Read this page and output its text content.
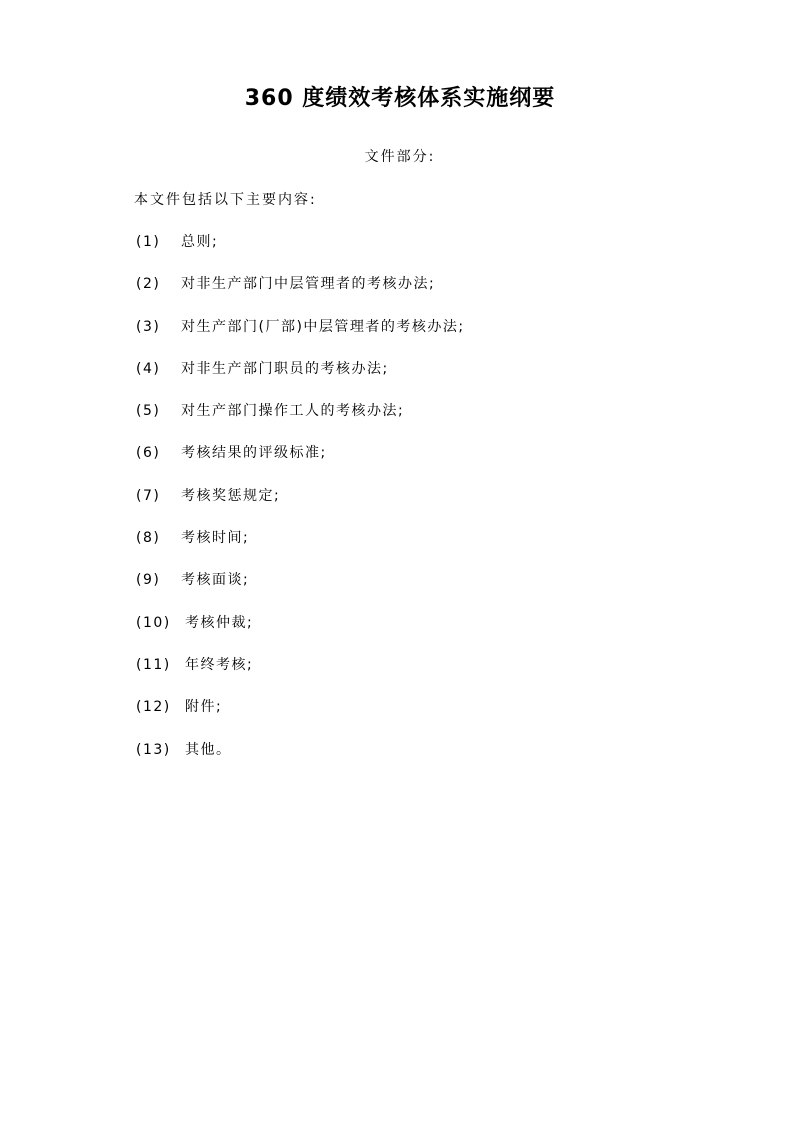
360 度绩效考核体系实施纲要
文件部分:
本文件包括以下主要内容:
(1) 总则;
(2) 对非生产部门中层管理者的考核办法;
(3) 对生产部门(厂部)中层管理者的考核办法;
(4) 对非生产部门职员的考核办法;
(5) 对生产部门操作工人的考核办法;
(6) 考核结果的评级标准;
(7) 考核奖惩规定;
(8) 考核时间;
(9) 考核面谈;
(10) 考核仲裁;
(11) 年终考核;
(12) 附件;
(13) 其他。
